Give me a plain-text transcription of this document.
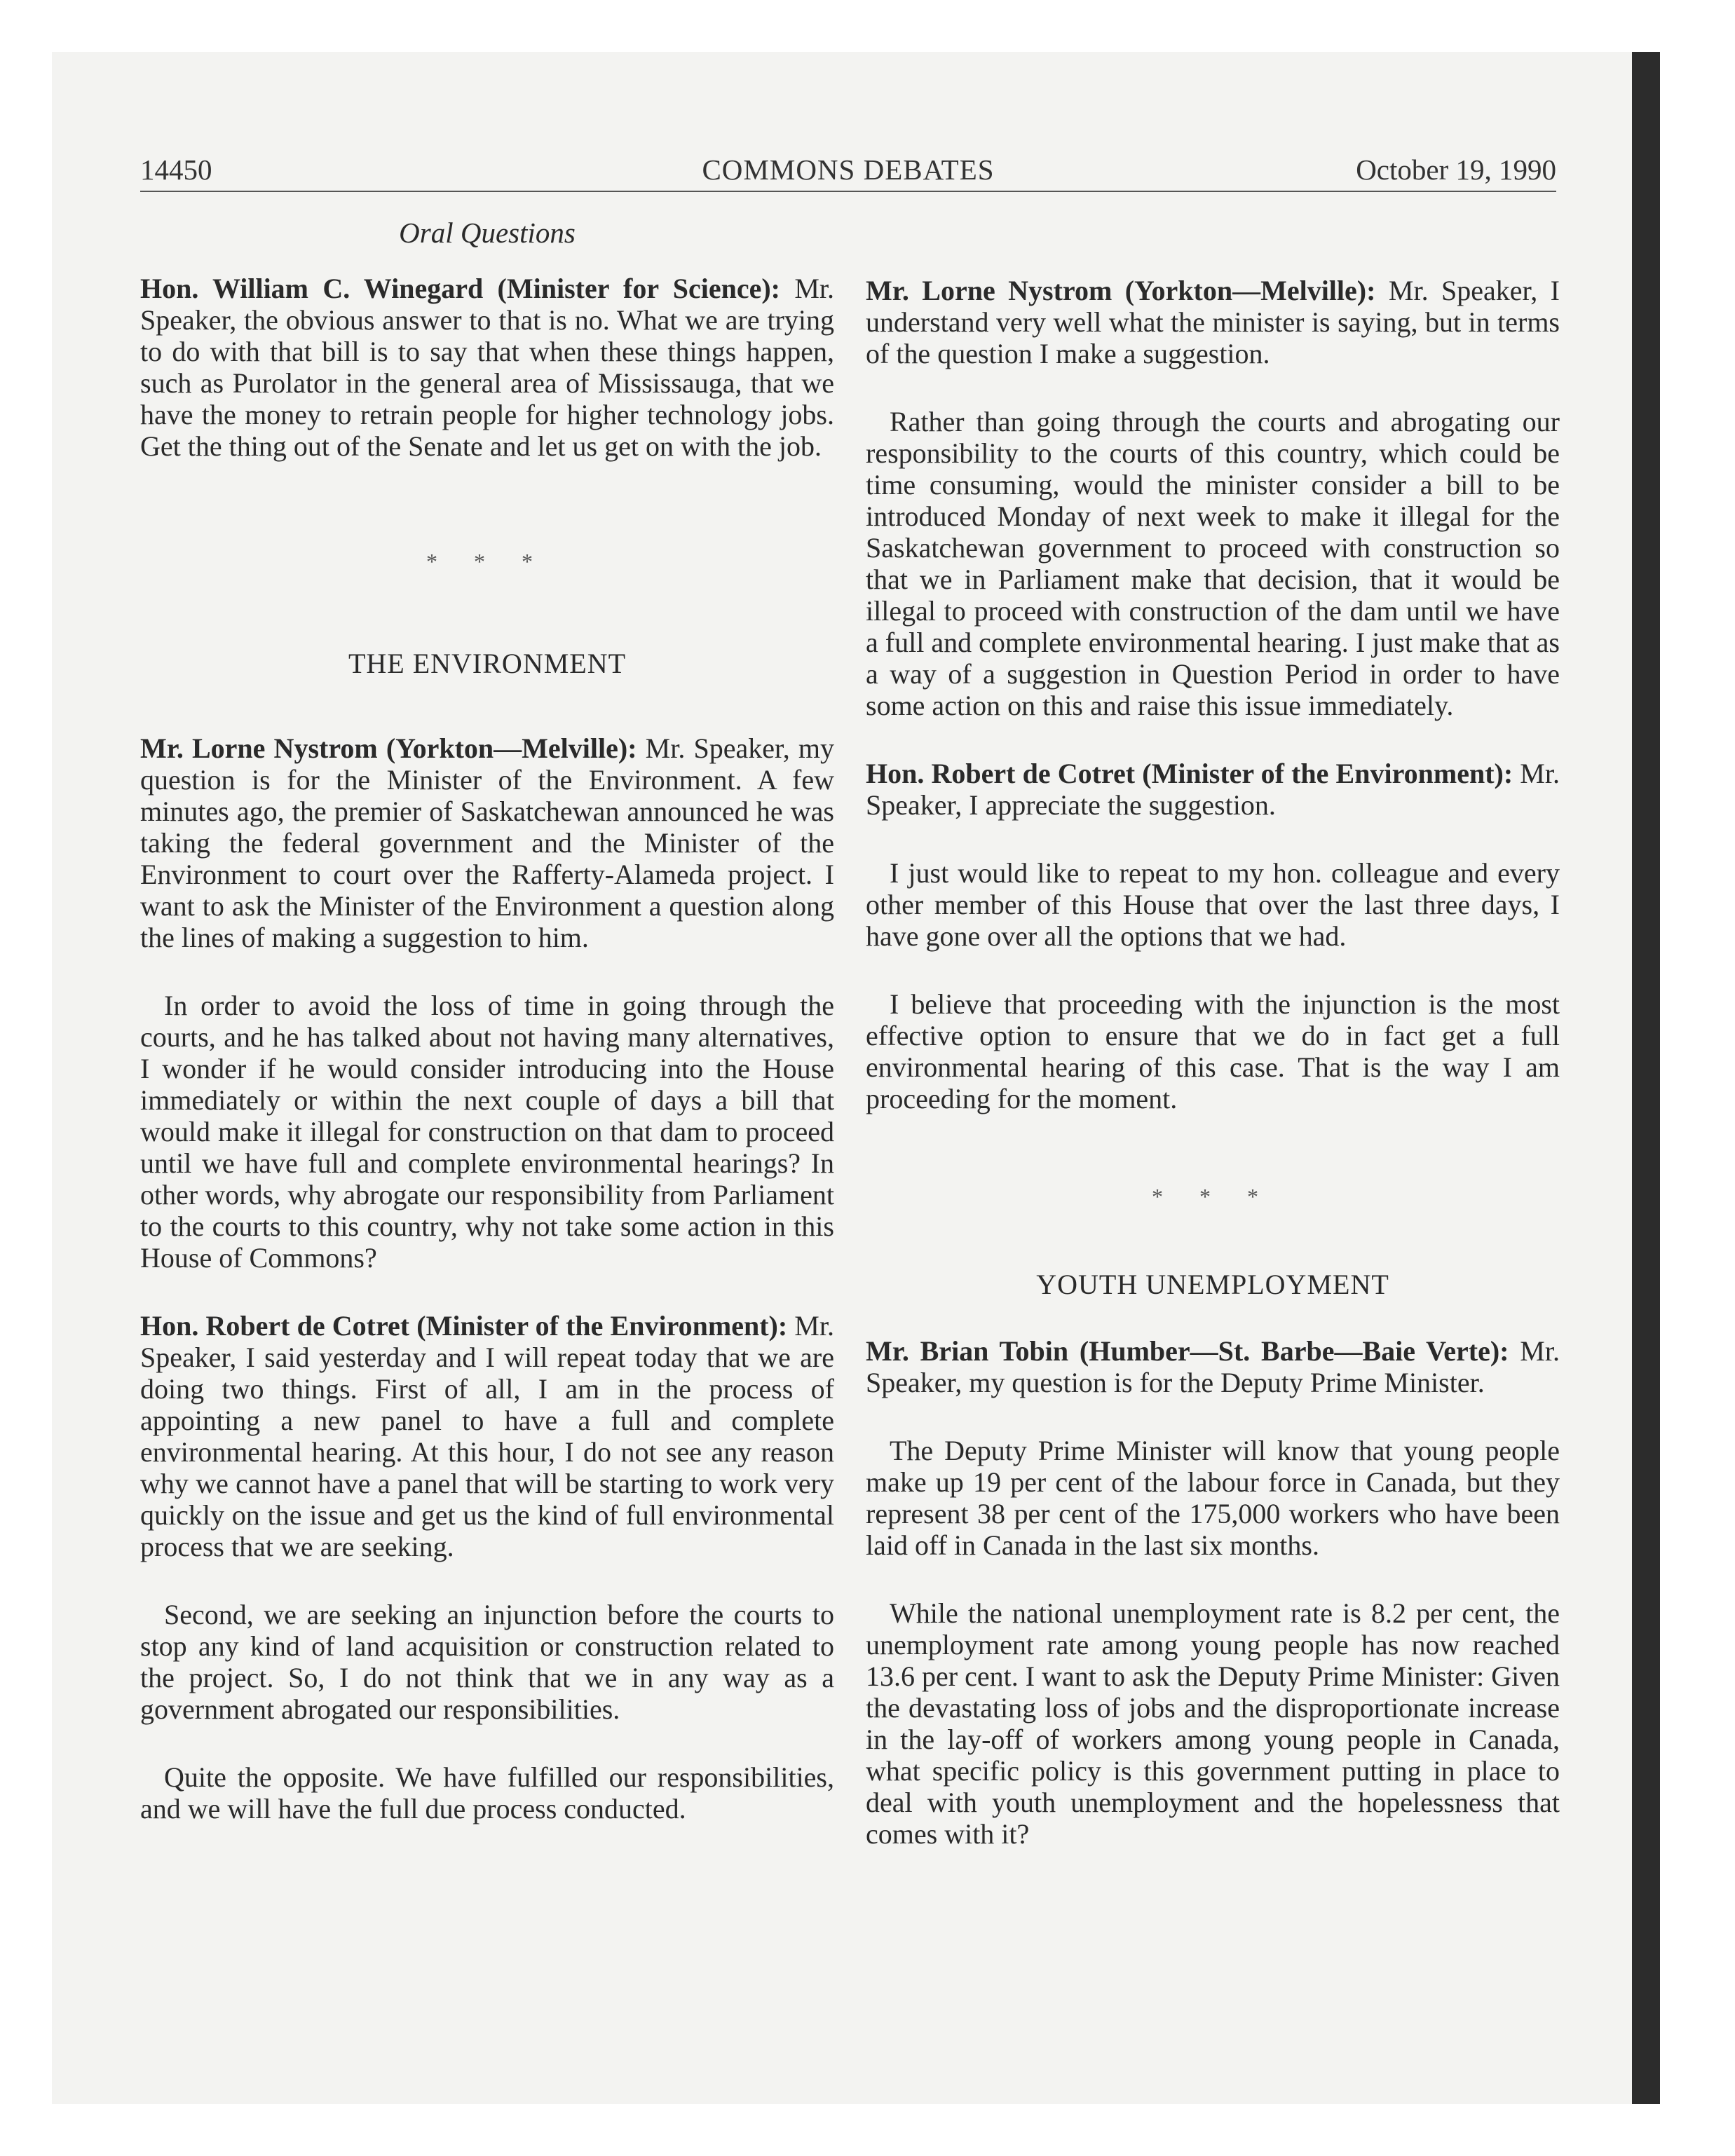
14450	COMMONS DEBATES	October 19, 1990
Oral Questions

Hon. William C. Winegard (Minister for Science): Mr. Speaker, the obvious answer to that is no. What we are trying to do with that bill is to say that when these things happen, such as Purolator in the general area of Mississauga, that we have the money to retrain people for higher technology jobs. Get the thing out of the Senate and let us get on with the job.

* * *
THE ENVIRONMENT

Mr. Lorne Nystrom (Yorkton—Melville): Mr. Speaker, my question is for the Minister of the Environment. A few minutes ago, the premier of Saskatchewan announced he was taking the federal government and the Minister of the Environment to court over the Rafferty-Alameda project. I want to ask the Minister of the Environment a question along the lines of making a suggestion to him.

In order to avoid the loss of time in going through the courts, and he has talked about not having many alternatives, I wonder if he would consider introducing into the House immediately or within the next couple of days a bill that would make it illegal for construction on that dam to proceed until we have full and complete environmental hearings? In other words, why abrogate our responsibility from Parliament to the courts to this country, why not take some action in this House of Commons?

Hon. Robert de Cotret (Minister of the Environment): Mr. Speaker, I said yesterday and I will repeat today that we are doing two things. First of all, I am in the process of appointing a new panel to have a full and complete environmental hearing. At this hour, I do not see any reason why we cannot have a panel that will be starting to work very quickly on the issue and get us the kind of full environmental process that we are seeking.

Second, we are seeking an injunction before the courts to stop any kind of land acquisition or construction related to the project. So, I do not think that we in any way as a government abrogated our responsibilities.

Quite the opposite. We have fulfilled our responsibilities, and we will have the full due process conducted.

Mr. Lorne Nystrom (Yorkton—Melville): Mr. Speaker, I understand very well what the minister is saying, but in terms of the question I make a suggestion.

Rather than going through the courts and abrogating our responsibility to the courts of this country, which could be time consuming, would the minister consider a bill to be introduced Monday of next week to make it illegal for the Saskatchewan government to proceed with construction so that we in Parliament make that decision, that it would be illegal to proceed with construction of the dam until we have a full and complete environmental hearing. I just make that as a way of a suggestion in Question Period in order to have some action on this and raise this issue immediately.

Hon. Robert de Cotret (Minister of the Environment): Mr. Speaker, I appreciate the suggestion.

I just would like to repeat to my hon. colleague and every other member of this House that over the last three days, I have gone over all the options that we had.

I believe that proceeding with the injunction is the most effective option to ensure that we do in fact get a full environmental hearing of this case. That is the way I am proceeding for the moment.

* * *
YOUTH UNEMPLOYMENT

Mr. Brian Tobin (Humber—St. Barbe—Baie Verte): Mr. Speaker, my question is for the Deputy Prime Minister.

The Deputy Prime Minister will know that young people make up 19 per cent of the labour force in Canada, but they represent 38 per cent of the 175,000 workers who have been laid off in Canada in the last six months.

While the national unemployment rate is 8.2 per cent, the unemployment rate among young people has now reached 13.6 per cent. I want to ask the Deputy Prime Minister: Given the devastating loss of jobs and the disproportionate increase in the lay-off of workers among young people in Canada, what specific policy is this government putting in place to deal with youth unemployment and the hopelessness that comes with it?
